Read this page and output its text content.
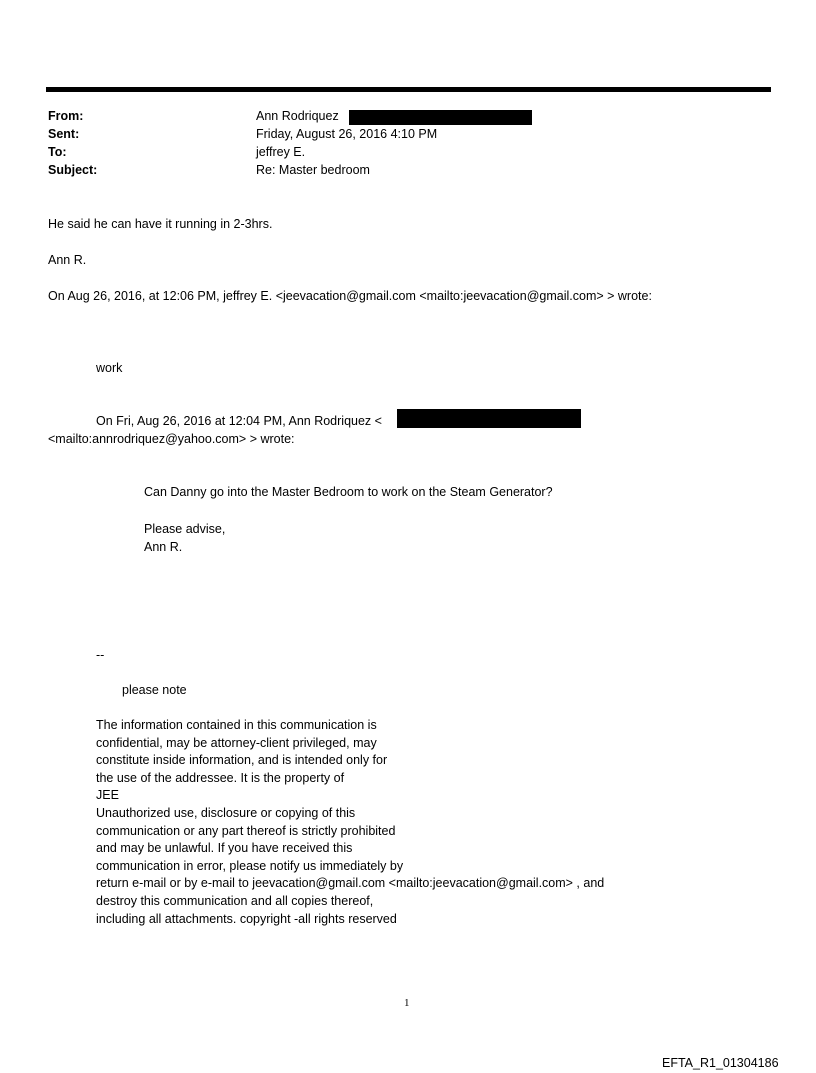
From:	Ann Rodriquez
Sent:	Friday, August 26, 2016 4:10 PM
To:	jeffrey E.
Subject:	Re: Master bedroom
He said he can have it running in 2-3hrs.
Ann R.
On Aug 26, 2016, at 12:06 PM, jeffrey E. <jeevacation@gmail.com <mailto:jeevacation@gmail.com> > wrote:
work
On Fri, Aug 26, 2016 at 12:04 PM, Ann Rodriquez <
<mailto:annrodriquez@yahoo.com> > wrote:
Can Danny go into the Master Bedroom to work on the Steam Generator?
Please advise,
Ann R.
--
please note
The information contained in this communication is
confidential, may be attorney-client privileged, may
constitute inside information, and is intended only for
the use of the addressee. It is the property of
JEE
Unauthorized use, disclosure or copying of this
communication or any part thereof is strictly prohibited
and may be unlawful. If you have received this
communication in error, please notify us immediately by
return e-mail or by e-mail to jeevacation@gmail.com <mailto:jeevacation@gmail.com> , and
destroy this communication and all copies thereof,
including all attachments. copyright -all rights reserved
1
EFTA_R1_01304186
